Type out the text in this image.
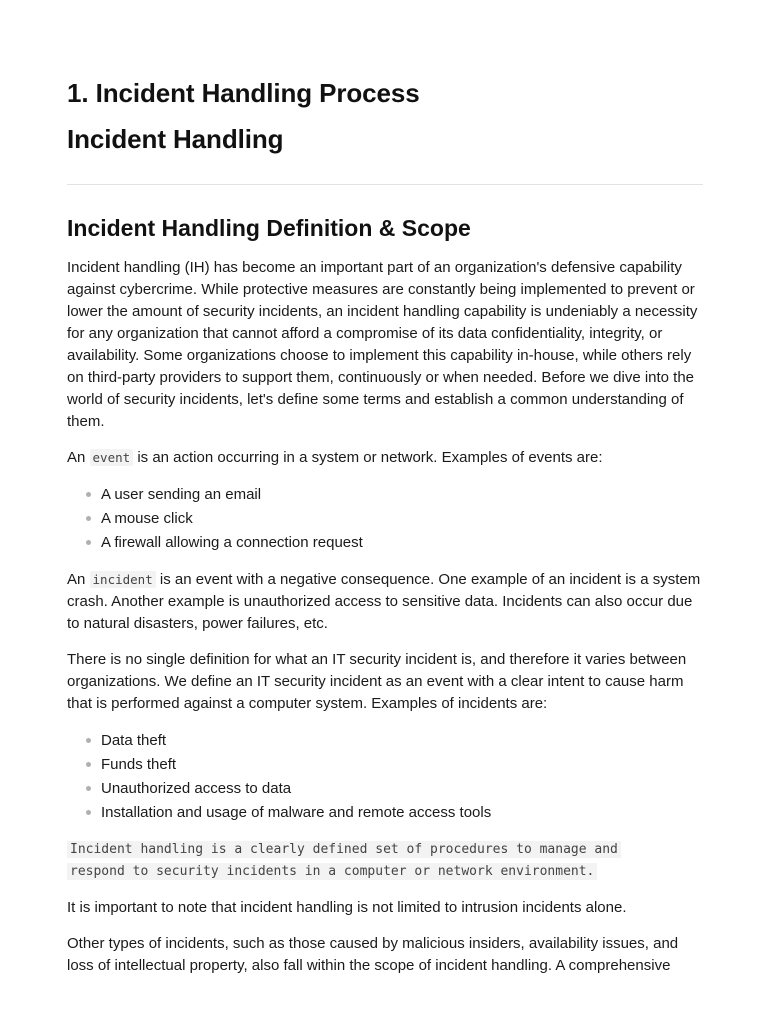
1. Incident Handling Process
Incident Handling
Incident Handling Definition & Scope

Incident handling (IH) has become an important part of an organization's defensive capability against cybercrime. While protective measures are constantly being implemented to prevent or lower the amount of security incidents, an incident handling capability is undeniably a necessity for any organization that cannot afford a compromise of its data confidentiality, integrity, or availability. Some organizations choose to implement this capability in-house, while others rely on third-party providers to support them, continuously or when needed. Before we dive into the world of security incidents, let's define some terms and establish a common understanding of them.

An event is an action occurring in a system or network. Examples of events are:

A user sending an email
A mouse click
A firewall allowing a connection request

An incident is an event with a negative consequence. One example of an incident is a system crash. Another example is unauthorized access to sensitive data. Incidents can also occur due to natural disasters, power failures, etc.

There is no single definition for what an IT security incident is, and therefore it varies between organizations. We define an IT security incident as an event with a clear intent to cause harm that is performed against a computer system. Examples of incidents are:

Data theft
Funds theft
Unauthorized access to data
Installation and usage of malware and remote access tools
Incident handling is a clearly defined set of procedures to manage and
respond to security incidents in a computer or network environment.

It is important to note that incident handling is not limited to intrusion incidents alone.

Other types of incidents, such as those caused by malicious insiders, availability issues, and loss of intellectual property, also fall within the scope of incident handling. A comprehensive
